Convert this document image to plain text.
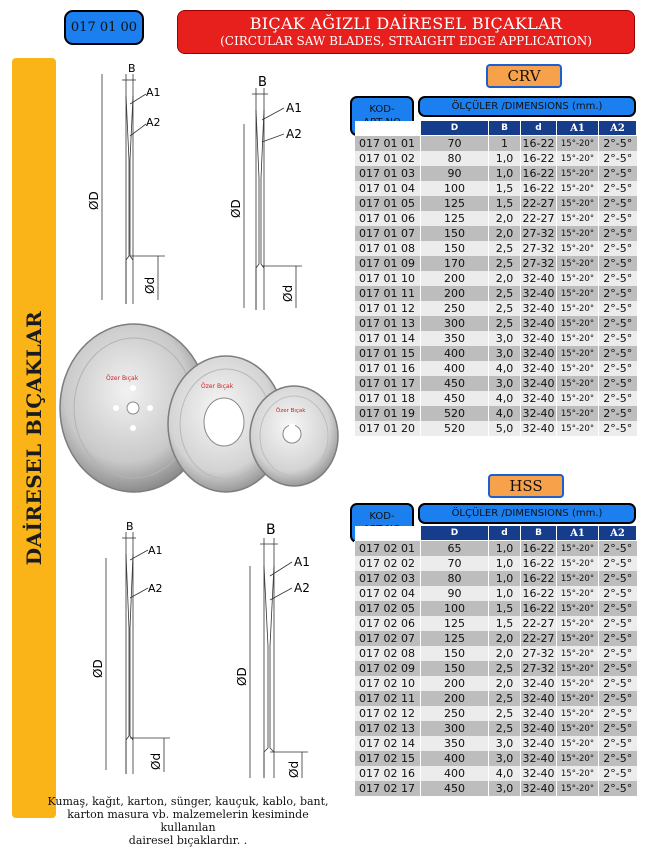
017 01 00	BIÇAK AĞIZLI DAİRESEL BIÇAKLAR
(CIRCULAR SAW BLADES, STRAIGHT EDGE APPLICATION)
DAİRESEL BIÇAKLAR
B
A1
A2
ØD
Ød
B
A1
A2
ØD
Ød
Özer Bıçak
Özer Bıçak
Özer Bıçak
B
A1
A2
ØD
Ød
B
A1
A2
ØD
Ød
CRV
KOD-	ÖLÇÜLER /DIMENSIONS (mm.)
	D	B	d	A1	A2
017 01 01	70	1	16-22	15°-20°	2°-5°
017 01 02	80	1,0	16-22	15°-20°	2°-5°
017 01 03	90	1,0	16-22	15°-20°	2°-5°
017 01 04	100	1,5	16-22	15°-20°	2°-5°
017 01 05	125	1,5	22-27	15°-20°	2°-5°
017 01 06	125	2,0	22-27	15°-20°	2°-5°
017 01 07	150	2,0	27-32	15°-20°	2°-5°
017 01 08	150	2,5	27-32	15°-20°	2°-5°
017 01 09	170	2,5	27-32	15°-20°	2°-5°
017 01 10	200	2,0	32-40	15°-20°	2°-5°
017 01 11	200	2,5	32-40	15°-20°	2°-5°
017 01 12	250	2,5	32-40	15°-20°	2°-5°
017 01 13	300	2,5	32-40	15°-20°	2°-5°
017 01 14	350	3,0	32-40	15°-20°	2°-5°
017 01 15	400	3,0	32-40	15°-20°	2°-5°
017 01 16	400	4,0	32-40	15°-20°	2°-5°
017 01 17	450	3,0	32-40	15°-20°	2°-5°
017 01 18	450	4,0	32-40	15°-20°	2°-5°
017 01 19	520	4,0	32-40	15°-20°	2°-5°
017 01 20	520	5,0	32-40	15°-20°	2°-5°
HSS
KOD-	ÖLÇÜLER /DIMENSIONS (mm.)
	D	d	B	A1	A2
017 02 01	65	1,0	16-22	15°-20°	2°-5°
017 02 02	70	1,0	16-22	15°-20°	2°-5°
017 02 03	80	1,0	16-22	15°-20°	2°-5°
017 02 04	90	1,0	16-22	15°-20°	2°-5°
017 02 05	100	1,5	16-22	15°-20°	2°-5°
017 02 06	125	1,5	22-27	15°-20°	2°-5°
017 02 07	125	2,0	22-27	15°-20°	2°-5°
017 02 08	150	2,0	27-32	15°-20°	2°-5°
017 02 09	150	2,5	27-32	15°-20°	2°-5°
017 02 10	200	2,0	32-40	15°-20°	2°-5°
017 02 11	200	2,5	32-40	15°-20°	2°-5°
017 02 12	250	2,5	32-40	15°-20°	2°-5°
017 02 13	300	2,5	32-40	15°-20°	2°-5°
017 02 14	350	3,0	32-40	15°-20°	2°-5°
017 02 15	400	3,0	32-40	15°-20°	2°-5°
017 02 16	400	4,0	32-40	15°-20°	2°-5°
017 02 17	450	3,0	32-40	15°-20°	2°-5°
Kumaş, kağıt, karton, sünger, kauçuk, kablo, bant,
karton masura vb. malzemelerin kesiminde kullanılan
dairesel bıçaklardır. .
